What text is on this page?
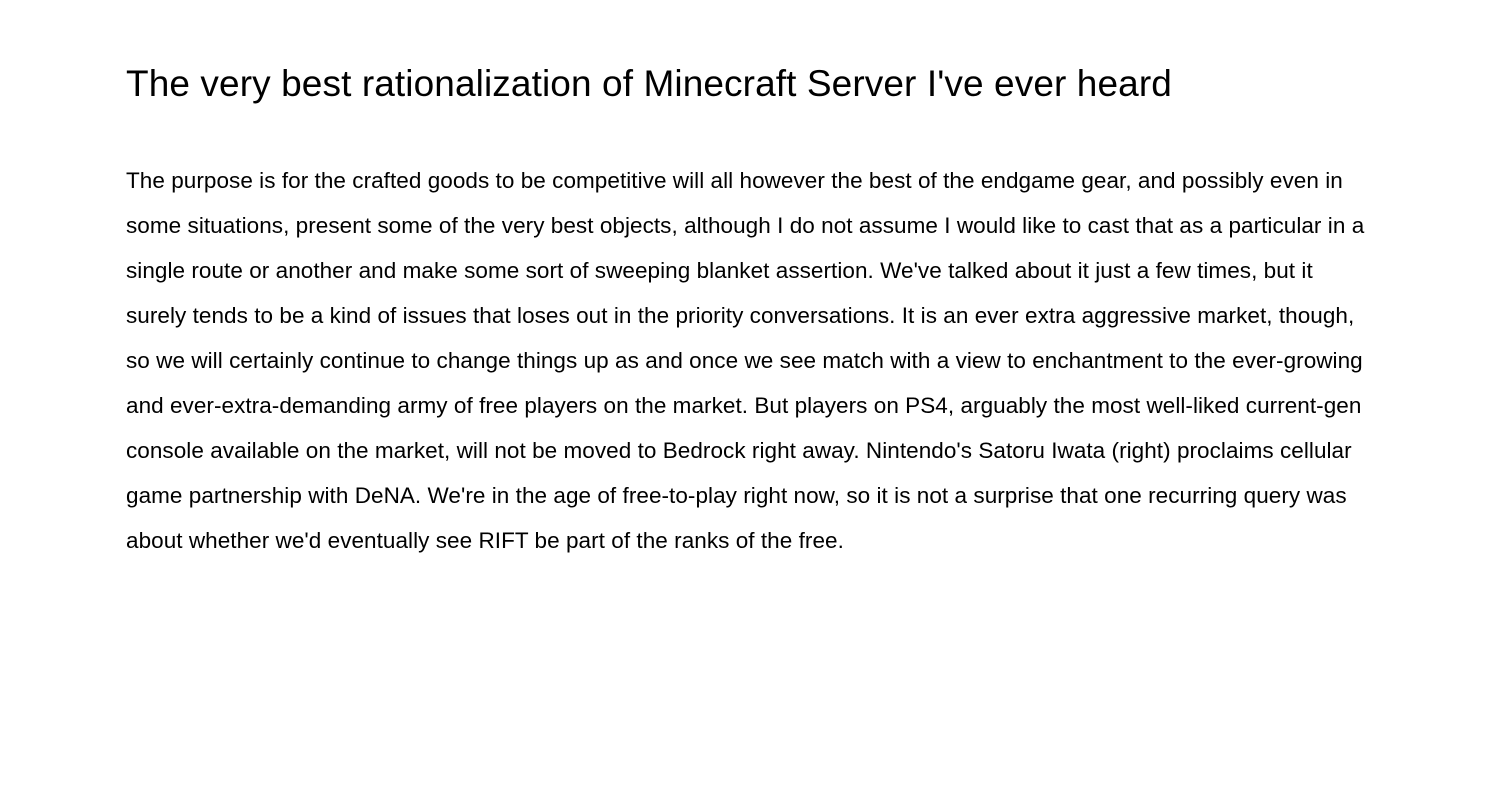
The very best rationalization of Minecraft Server I've ever heard

The purpose is for the crafted goods to be competitive will all however the best of the endgame gear, and possibly even in some situations, present some of the very best objects, although I do not assume I would like to cast that as a particular in a single route or another and make some sort of sweeping blanket assertion. We've talked about it just a few times, but it surely tends to be a kind of issues that loses out in the priority conversations. It is an ever extra aggressive market, though, so we will certainly continue to change things up as and once we see match with a view to enchantment to the ever-growing and ever-extra-demanding army of free players on the market. But players on PS4, arguably the most well-liked current-gen console available on the market, will not be moved to Bedrock right away. Nintendo's Satoru Iwata (right) proclaims cellular game partnership with DeNA. We're in the age of free-to-play right now, so it is not a surprise that one recurring query was about whether we'd eventually see RIFT be part of the ranks of the free.
